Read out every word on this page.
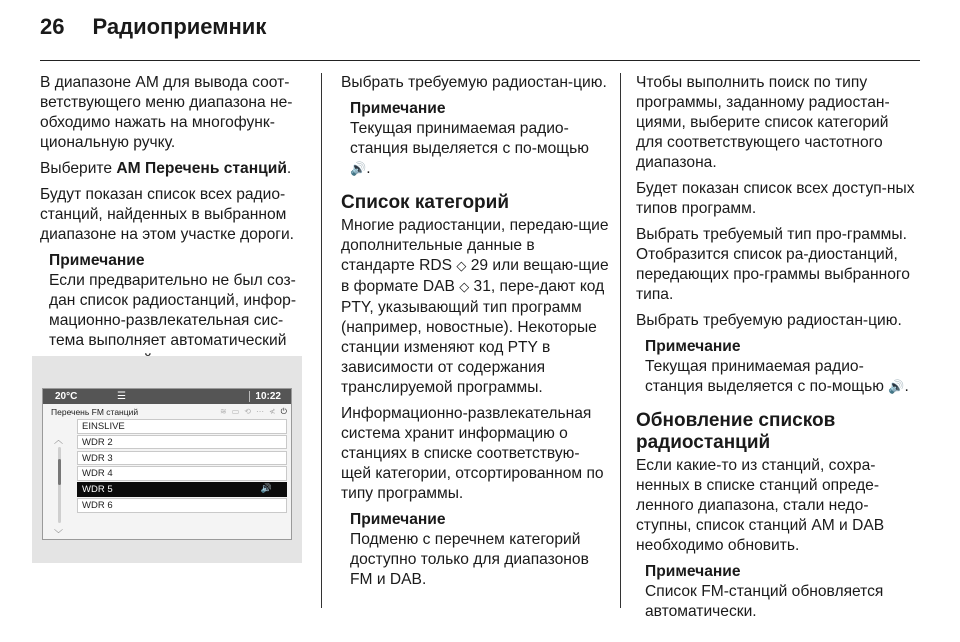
26 Радиоприемник

В диапазоне AM для вывода соот-ветствующего меню диапазона не-обходимо нажать на многофунк-циональную ручку.

Выберите AM Перечень станций.

Будут показан список всех радио-станций, найденных в выбранном диапазоне на этом участке дороги.

Примечание
Если предварительно не был соз-дан список радиостанций, инфор-мационно-развлекательная сис-тема выполняет автоматический
20°C	☰	10:22
Перечень FM станций	≋ ▭ ⟲ ⋯ ≮ ⏻
︿
﹀
EINSLIVE
WDR 2
WDR 3
WDR 4
WDR 5	🔊
WDR 6

Выбрать требуемую радиостан-цию.

Примечание
Текущая принимаемая радио-станция выделяется с по-мощью 🔊.
Список категорий

Многие радиостанции, передаю-щие дополнительные данные в стандарте RDS ◇ 29 или вещаю-щие в формате DAB ◇ 31, пере-дают код PTY, указывающий тип программ (например, новостные). Некоторые станции изменяют код PTY в зависимости от содержания транслируемой программы.

Информационно-развлекательная система хранит информацию о станциях в списке соответствую-щей категории, отсортированном по типу программы.

Примечание
Подменю с перечнем категорий доступно только для диапазонов FM и DAB.

Чтобы выполнить поиск по типу программы, заданному радиостан-циями, выберите список категорий для соответствующего частотного диапазона.

Будет показан список всех доступ-ных типов программ.

Выбрать требуемый тип про-граммы. Отобразится список ра-диостанций, передающих про-граммы выбранного типа.

Выбрать требуемую радиостан-цию.

Примечание
Текущая принимаемая радио-станция выделяется с по-мощью 🔊.
Обновление списков радиостанций

Если какие-то из станций, сохра-ненных в списке станций опреде-ленного диапазона, стали недо-ступны, список станций AM и DAB необходимо обновить.

Примечание
Список FM-станций обновляется автоматически.
